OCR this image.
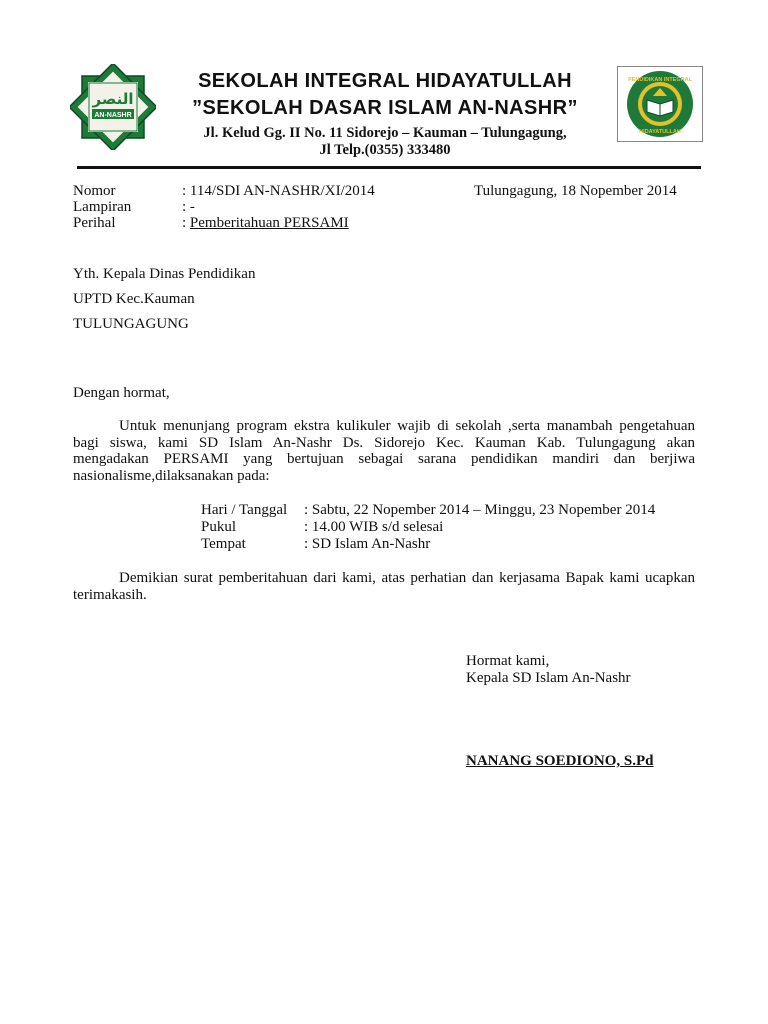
النصر
AN-NASHR
PENDIDIKAN INTEGRAL
HIDAYATULLAH
SEKOLAH INTEGRAL HIDAYATULLAH
”SEKOLAH DASAR ISLAM AN-NASHR”
Jl. Kelud Gg. II No. 11 Sidorejo – Kauman – Tulungagung,
Jl Telp.(0355) 333480
Nomor	: 114/SDI AN-NASHR/XI/2014	Tulungagung, 18 Nopember 2014
Lampiran	: -
Perihal	: Pemberitahuan PERSAMI
Yth. Kepala Dinas Pendidikan
UPTD Kec.Kauman
TULUNGAGUNG
Dengan hormat,
Untuk menunjang program ekstra kulikuler wajib di sekolah ,serta manambah pengetahuan
bagi siswa, kami SD Islam An-Nashr Ds. Sidorejo Kec. Kauman Kab. Tulungagung akan
mengadakan PERSAMI yang bertujuan sebagai sarana pendidikan mandiri dan berjiwa
nasionalisme,dilaksanakan pada:
Hari / Tanggal : Sabtu, 22 Nopember 2014 – Minggu, 23 Nopember 2014
Pukul	: 14.00 WIB s/d selesai
Tempat	: SD Islam An-Nashr
Demikian surat pemberitahuan dari kami, atas perhatian dan kerjasama Bapak kami ucapkan
terimakasih.
Hormat kami,
Kepala SD Islam An-Nashr
NANANG SOEDIONO, S.Pd
